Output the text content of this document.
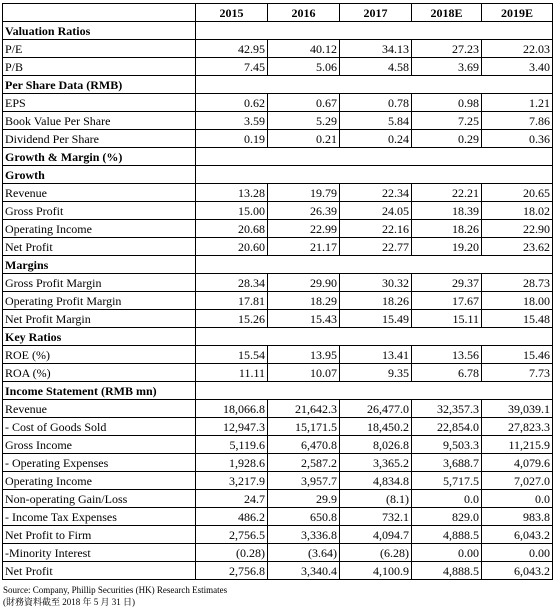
	2015	2016	2017	2018E	2019E
Valuation Ratios					
P/E	42.95	40.12	34.13	27.23	22.03
P/B	7.45	5.06	4.58	3.69	3.40
Per Share Data (RMB)					
EPS	0.62	0.67	0.78	0.98	1.21
Book Value Per Share	3.59	5.29	5.84	7.25	7.86
Dividend Per Share	0.19	0.21	0.24	0.29	0.36
Growth & Margin (%)					
Growth					
Revenue	13.28	19.79	22.34	22.21	20.65
Gross Profit	15.00	26.39	24.05	18.39	18.02
Operating Income	20.68	22.99	22.16	18.26	22.90
Net Profit	20.60	21.17	22.77	19.20	23.62
Margins					
Gross Profit Margin	28.34	29.90	30.32	29.37	28.73
Operating Profit Margin	17.81	18.29	18.26	17.67	18.00
Net Profit Margin	15.26	15.43	15.49	15.11	15.48
Key Ratios					
ROE (%)	15.54	13.95	13.41	13.56	15.46
ROA (%)	11.11	10.07	9.35	6.78	7.73
Income Statement (RMB mn)					
Revenue	18,066.8	21,642.3	26,477.0	32,357.3	39,039.1
- Cost of Goods Sold	12,947.3	15,171.5	18,450.2	22,854.0	27,823.3
Gross Income	5,119.6	6,470.8	8,026.8	9,503.3	11,215.9
- Operating Expenses	1,928.6	2,587.2	3,365.2	3,688.7	4,079.6
Operating Income	3,217.9	3,957.7	4,834.8	5,717.5	7,027.0
Non-operating Gain/Loss	24.7	29.9	(8.1)	0.0	0.0
- Income Tax Expenses	486.2	650.8	732.1	829.0	983.8
Net Profit to Firm	2,756.5	3,336.8	4,094.7	4,888.5	6,043.2
-Minority Interest	(0.28)	(3.64)	(6.28)	0.00	0.00
Net Profit	2,756.8	3,340.4	4,100.9	4,888.5	6,043.2
Source: Company, Phillip Securities (HK) Research Estimates
(財務資料截至 2018 年 5 月 31 日)
